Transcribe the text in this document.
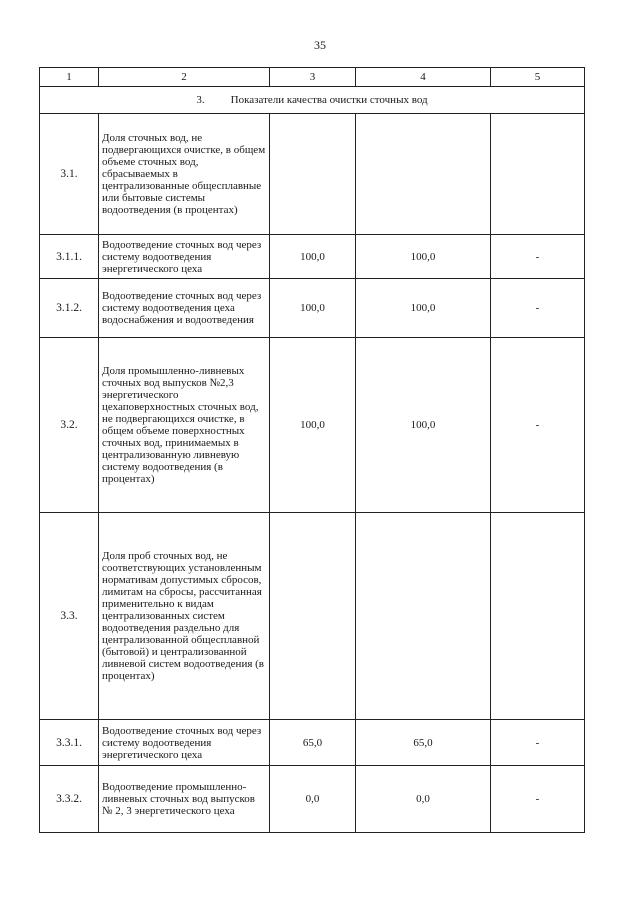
35
1	2	3	4	5
3. Показатели качества очистки сточных вод				
3.1.	Доля сточных вод, не подвергающихся очистке, в общем объеме сточных вод, сбрасываемых в централизованные общесплавные или бытовые системы водоотведения (в процентах)			
3.1.1.	Водоотведение сточных вод через систему водоотведения энергетического цеха	100,0	100,0	-
3.1.2.	Водоотведение сточных вод через систему водоотведения цеха водоснабжения и водоотведения	100,0	100,0	-
3.2.	Доля промышленно-ливневых сточных вод выпусков №2,3 энергетического цехаповерхностных сточных вод, не подвергающихся очистке, в общем объеме поверхностных сточных вод, принимаемых в централизованную ливневую систему водоотведения (в процентах)	100,0	100,0	-
3.3.	Доля проб сточных вод, не соответствующих установленным нормативам допустимых сбросов, лимитам на сбросы, рассчитанная применительно к видам централизованных систем водоотведения раздельно для централизованной общесплавной (бытовой) и централизованной ливневой систем водоотведения (в процентах)			
3.3.1.	Водоотведение сточных вод через систему водоотведения энергетического цеха	65,0	65,0	-
3.3.2.	Водоотведение промышленно-ливневых сточных вод выпусков № 2, 3 энергетического цеха	0,0	0,0	-
